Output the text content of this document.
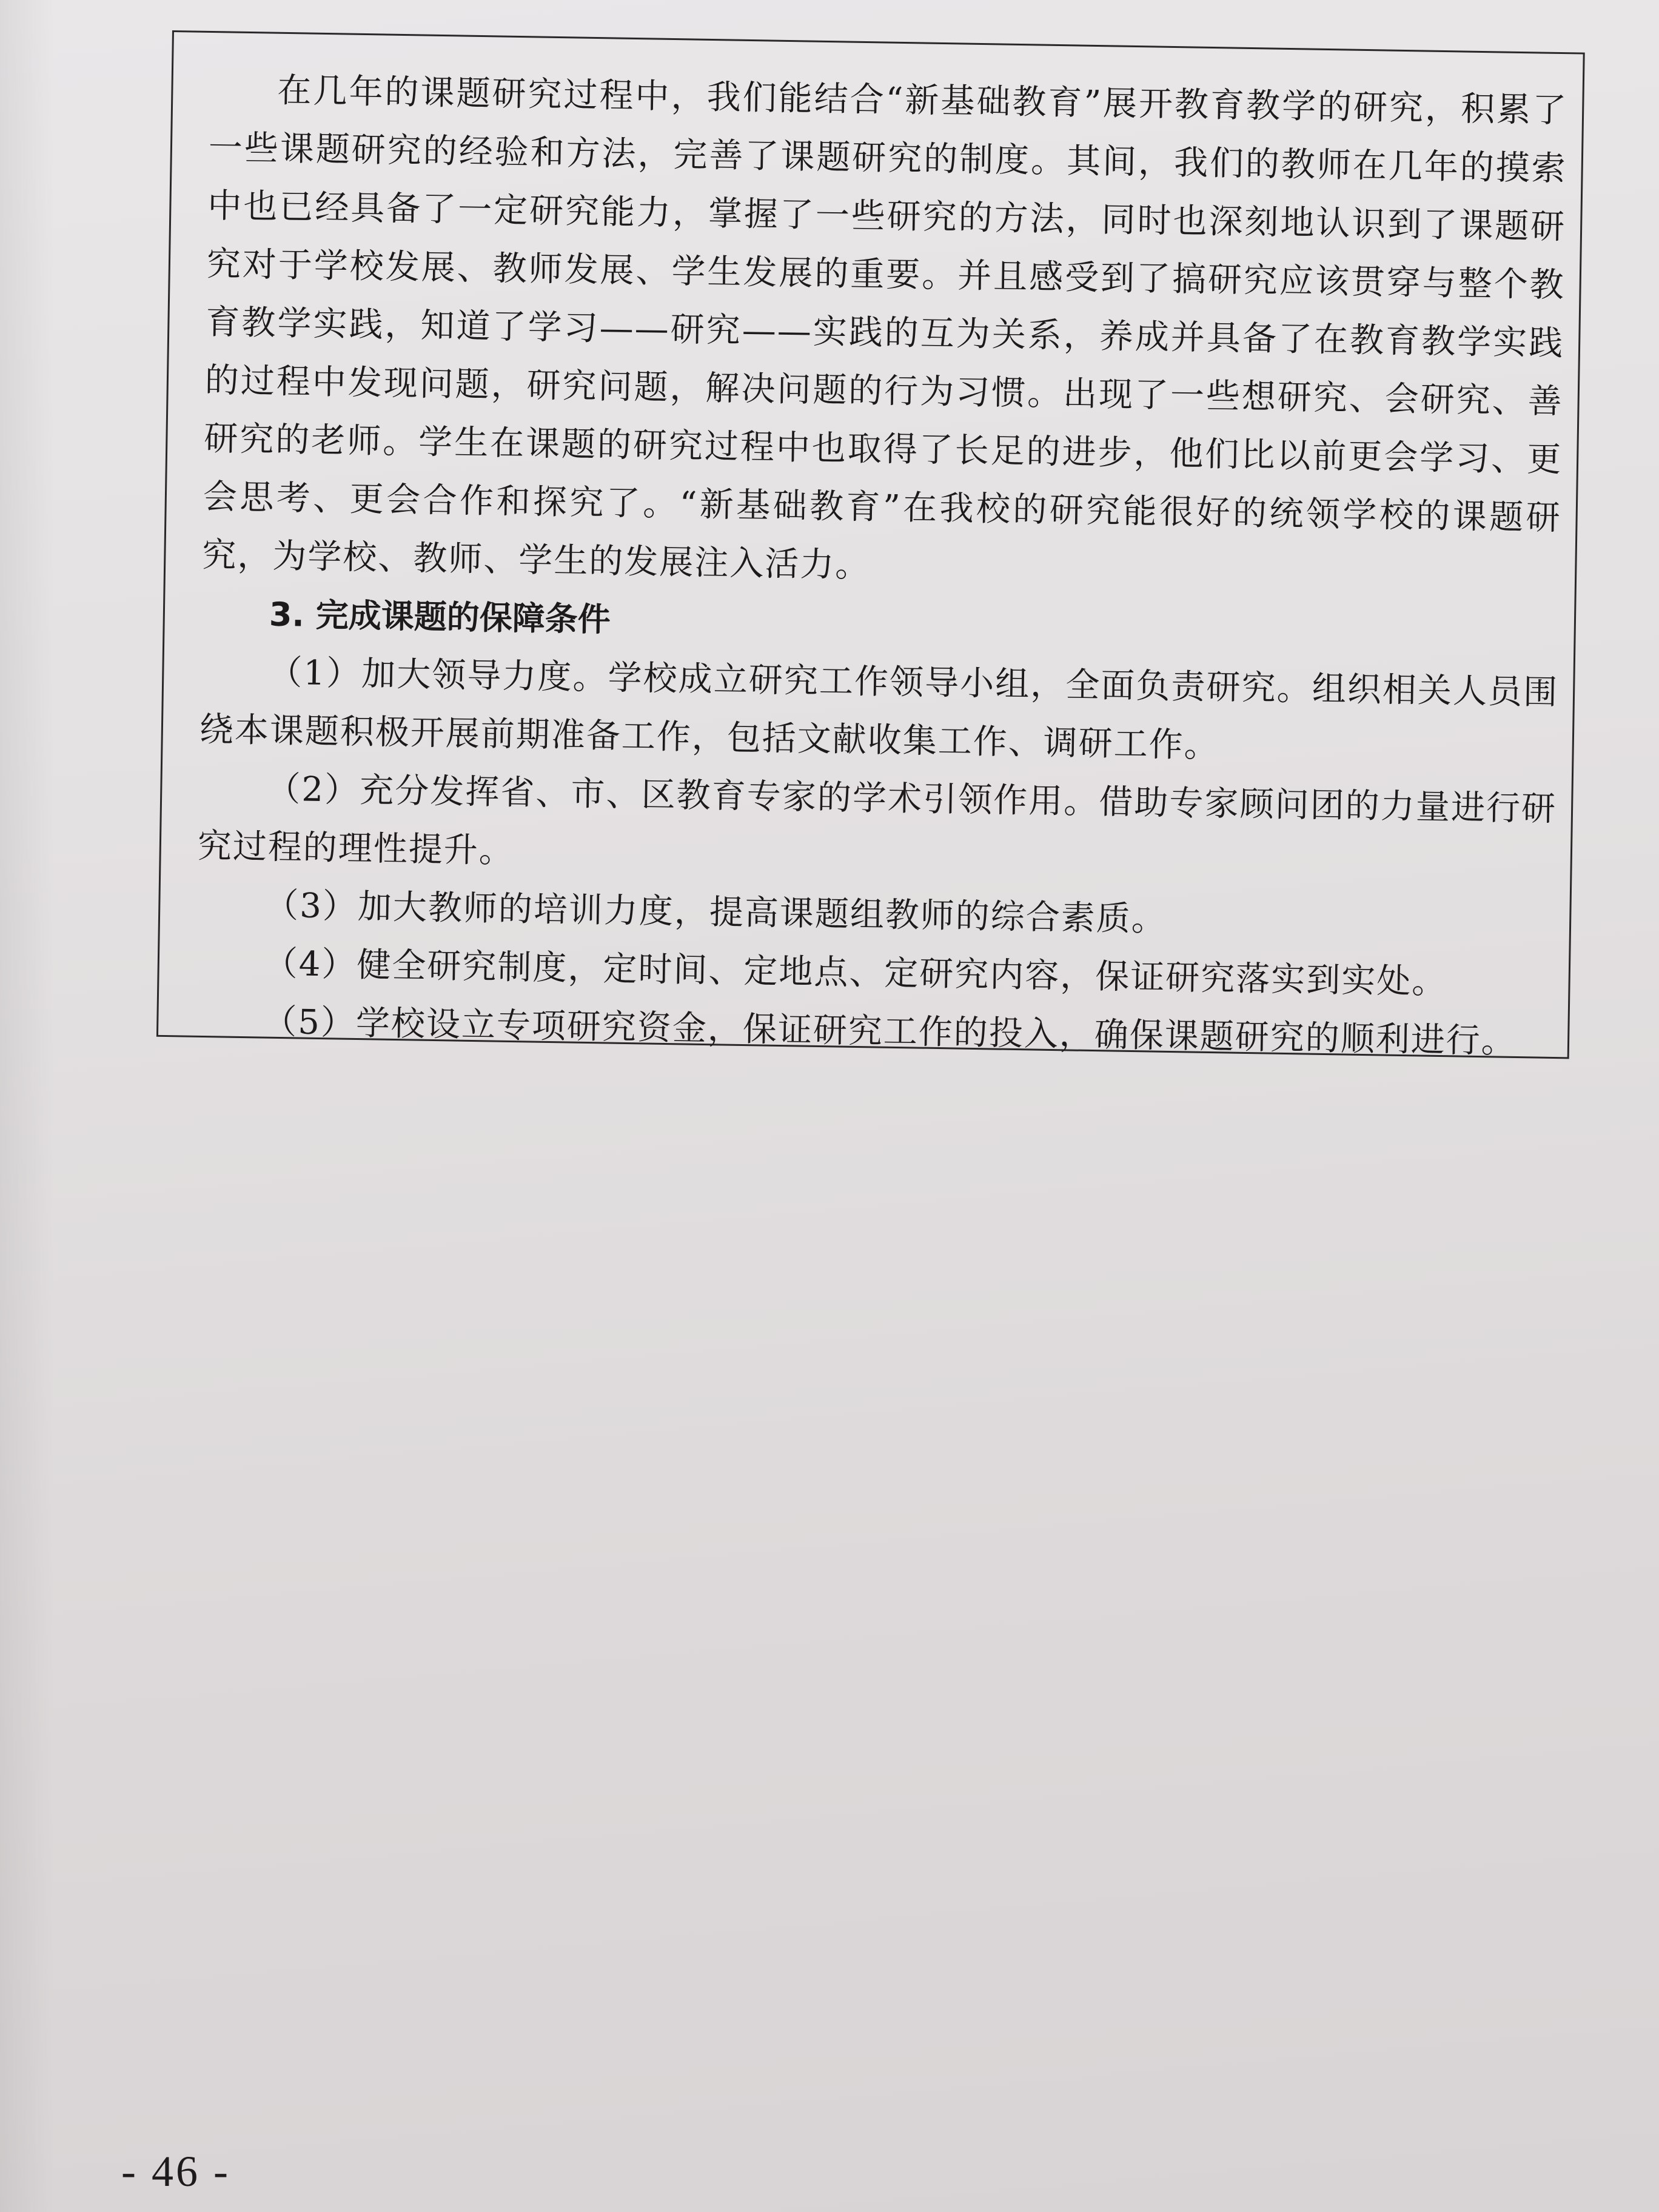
在几年的课题研究过程中，我们能结合“新基础教育”展开教育教学的研究，积累了一些课题研究的经验和方法，完善了课题研究的制度。其间，我们的教师在几年的摸索中也已经具备了一定研究能力，掌握了一些研究的方法，同时也深刻地认识到了课题研究对于学校发展、教师发展、学生发展的重要。并且感受到了搞研究应该贯穿与整个教育教学实践，知道了学习——研究——实践的互为关系，养成并具备了在教育教学实践的过程中发现问题，研究问题，解决问题的行为习惯。出现了一些想研究、会研究、善研究的老师。学生在课题的研究过程中也取得了长足的进步，他们比以前更会学习、更会思考、更会合作和探究了。“新基础教育”在我校的研究能很好的统领学校的课题研究，为学校、教师、学生的发展注入活力。

3. 完成课题的保障条件

（1）加大领导力度。学校成立研究工作领导小组，全面负责研究。组织相关人员围绕本课题积极开展前期准备工作，包括文献收集工作、调研工作。

（2）充分发挥省、市、区教育专家的学术引领作用。借助专家顾问团的力量进行研究过程的理性提升。

（3）加大教师的培训力度，提高课题组教师的综合素质。

（4）健全研究制度，定时间、定地点、定研究内容，保证研究落实到实处。

（5）学校设立专项研究资金，保证研究工作的投入，确保课题研究的顺利进行。

- 46 -
